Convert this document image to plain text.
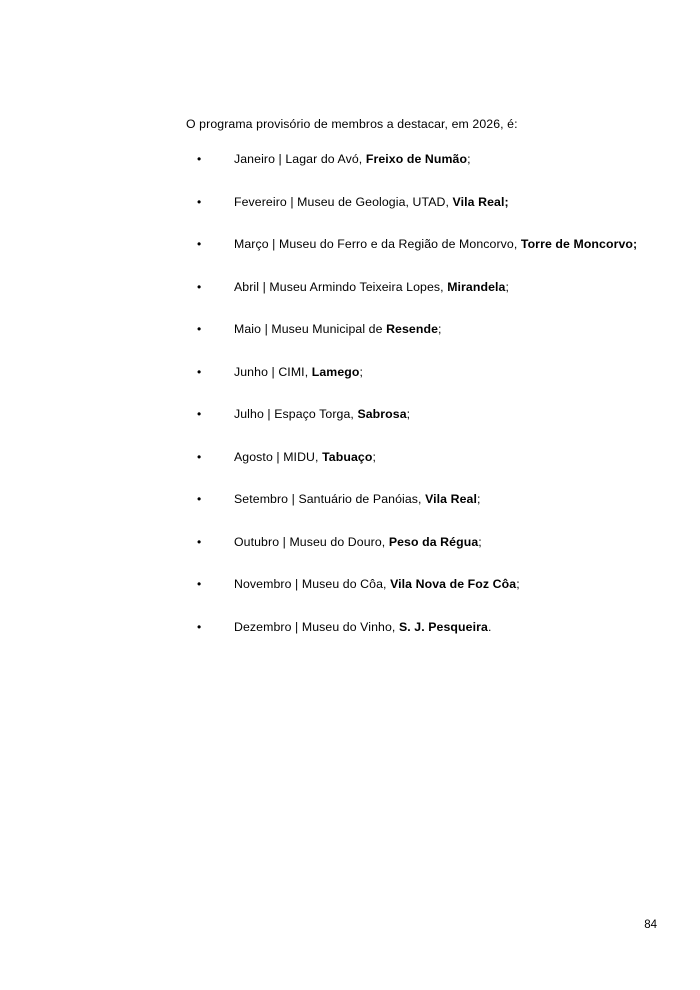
O programa provisório de membros a destacar, em 2026, é:

•	Janeiro | Lagar do Avó, Freixo de Numão;
•	Fevereiro | Museu de Geologia, UTAD, Vila Real;
•	Março | Museu do Ferro e da Região de Moncorvo, Torre de Moncorvo;
•	Abril | Museu Armindo Teixeira Lopes, Mirandela;
•	Maio | Museu Municipal de Resende;
•	Junho | CIMI, Lamego;
•	Julho | Espaço Torga, Sabrosa;
•	Agosto | MIDU, Tabuaço;
•	Setembro | Santuário de Panóias, Vila Real;
•	Outubro | Museu do Douro, Peso da Régua;
•	Novembro | Museu do Côa, Vila Nova de Foz Côa;
•	Dezembro | Museu do Vinho, S. J. Pesqueira.
84
